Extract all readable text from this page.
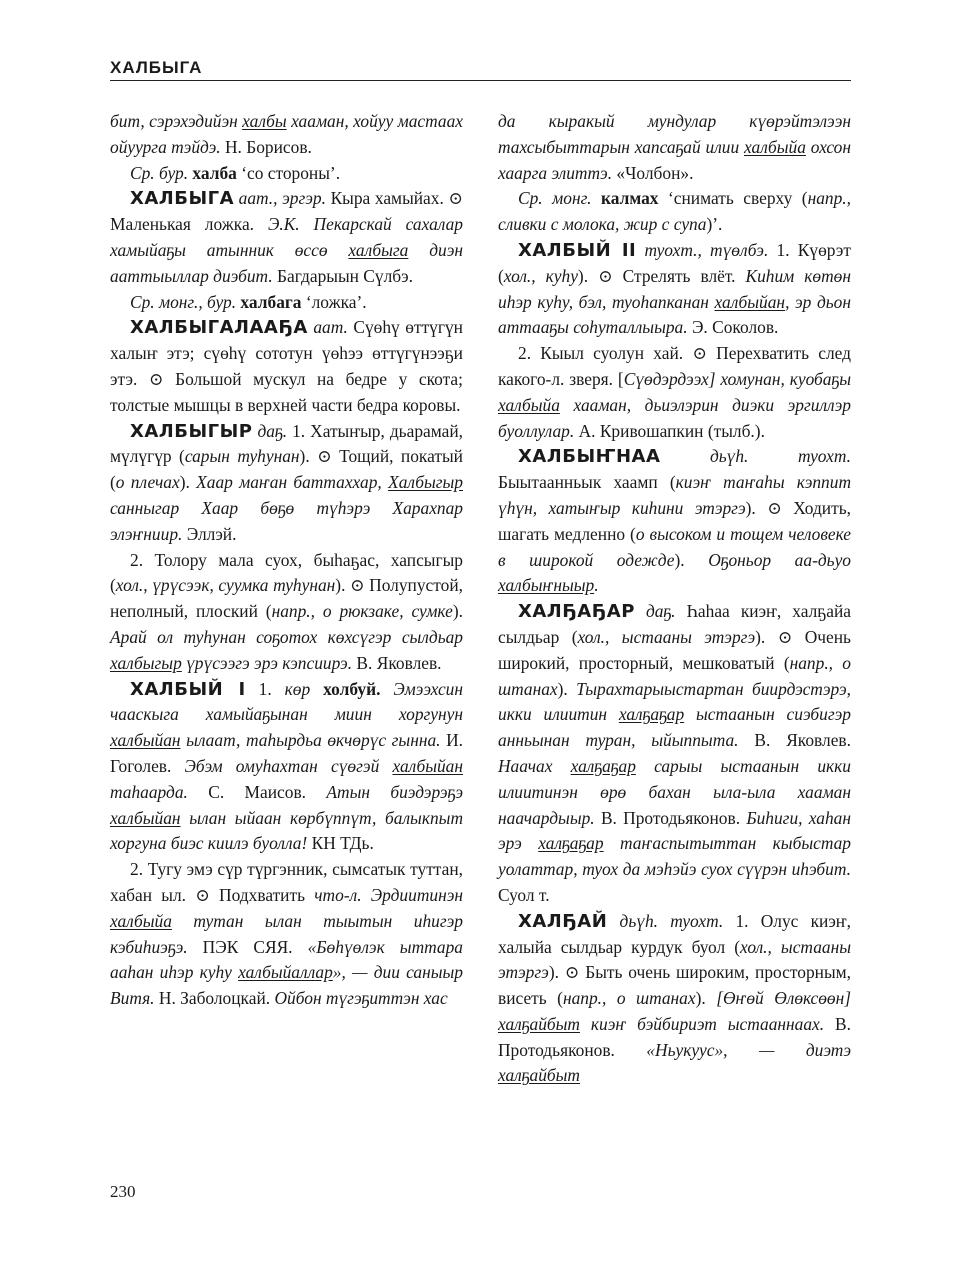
ХАЛБЫГА

бит, сэрэхэдийэн халбы хааман, хойуу мастаах ойуурга тэйдэ. Н. Борисов.

Ср. бур. халба ‘со стороны’.

ХАЛБЫГА аат., эргэр. Кыра хамыйах. ⊙ Маленькая ложка. Э.К. Пекарскай сахалар хамыйаҕы атынник өссө халбыга диэн ааттыыллар диэбит. Багдарыын Сүлбэ.

Ср. монг., бур. халбага ‘ложка’.

ХАЛБЫГАЛААҔА аат. Сүөһү өттүгүн халыҥ этэ; сүөһү сототун үөһээ өттүгүнээҕи этэ. ⊙ Большой мускул на бедре у скота; толстые мышцы в верхней части бедра коровы.

ХАЛБЫГЫР даҕ. 1. Хатыҥыр, дьарамай, мүлүгүр (сарын туһунан). ⊙ Тощий, покатый (о плечах). Хаар маҥан баттаххар, Халбыгыр санныгар Хаар бөҕө түһэрэ Харахпар элэҥниир. Эллэй.

2. Толору мала суох, быһаҕас, хапсыгыр (хол., үрүсээк, суумка туһунан). ⊙ Полупустой, неполный, плоский (напр., о рюкзаке, сумке). Арай ол туһунан соҕотох көхсүгэр сылдьар халбыгыр үрүсээгэ эрэ кэпсиирэ. В. Яковлев.

ХАЛБЫЙ I 1. көр холбуй. Эмээхсин чааскыга хамыйаҕынан миин хоргунун халбыйан ылаат, таһырдьа өкчөрүс гынна. И. Гоголев. Эбэм омуһахтан сүөгэй халбыйан таһаарда. С. Маисов. Атын биэдэрэҕэ халбыйан ылан ыйаан көрбүппүт, балыкпыт хоргуна биэс киилэ буолла! КН ТДь.

2. Тугу эмэ сүр түргэнник, сымсатык туттан, хабан ыл. ⊙ Подхватить что-л. Эрдиитинэн халбыйа тутан ылан тыытын иһигэр кэбиһиэҕэ. ПЭК СЯЯ. «Бөһүөлэк ыттара ааһан иһэр куһу халбыйаллар», — дии саныыр Витя. Н. Заболоцкай. Ойбон түгэҕиттэн хас

да кыракый мундулар күөрэйтэлээн тахсыбыттарын хапсаҕай илии халбыйа охсон хаарга элиттэ. «Чолбон».

Ср. монг. калмах ‘снимать сверху (напр., сливки с молока, жир с супа)’.

ХАЛБЫЙ II туохт., түөлбэ. 1. Күөрэт (хол., куһу). ⊙ Стрелять влёт. Киһим көтөн иһэр куһу, бэл, туоһапканан халбыйан, эр дьон аттааҕы соһуталлыыра. Э. Соколов.

2. Кыыл суолун хай. ⊙ Перехватить след какого-л. зверя. [Сүөдэрдээх] хомунан, куобаҕы халбыйа хааман, дьиэлэрин диэки эргиллэр буоллулар. А. Кривошапкин (тылб.).

ХАЛБЫҤНАА дьүһ. туохт. Быытаанньык хаамп (киэҥ таҥаһы кэппит үһүн, хатыҥыр киһини этэргэ). ⊙ Ходить, шагать медленно (о высоком и тощем человеке в широкой одежде). Оҕоньор аа-дьуо халбыҥныыр.

ХАЛҔАҔАР даҕ. Һаһаа киэҥ, халҕайа сылдьар (хол., ыстааны этэргэ). ⊙ Очень широкий, просторный, мешковатый (напр., о штанах). Тырахтарыыстартан биирдэстэрэ, икки илиитин халҕаҕар ыстаанын сиэбигэр анньынан туран, ыйыппыта. В. Яковлев. Наачах халҕаҕар сарыы ыстаанын икки илиитинэн өрө бахан ыла-ыла хааман наачардыыр. В. Протодьяконов. Биһиги, хаһан эрэ халҕаҕар таҥаспытыттан кыбыстар уолаттар, туох да мэһэйэ суох сүүрэн иһэбит. Суол т.

ХАЛҔАЙ дьүһ. туохт. 1. Олус киэҥ, халыйа сылдьар курдук буол (хол., ыстааны этэргэ). ⊙ Быть очень широким, просторным, висеть (напр., о штанах). [Өҥөй Өлөксөөн] халҕайбыт киэҥ бэйбириэт ыстааннаах. В. Протодьяконов. «Ньукуус», — диэтэ халҕайбыт

230
